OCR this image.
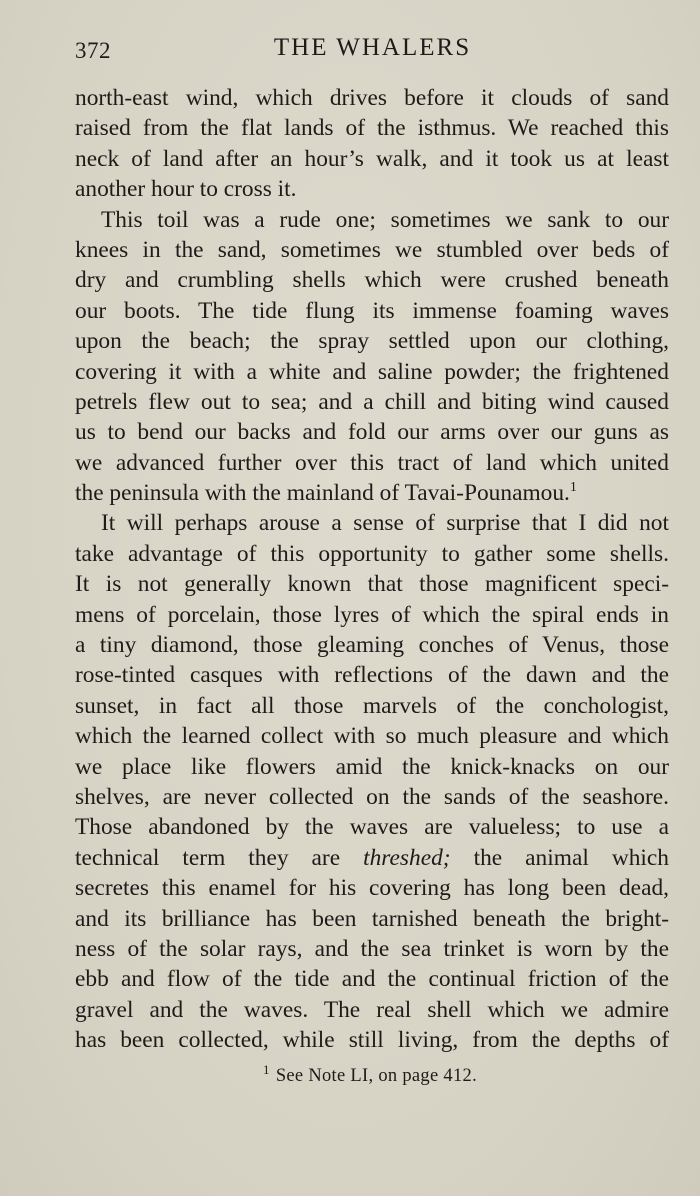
372	THE WHALERS
north-east wind, which drives before it clouds of sand
raised from the flat lands of the isthmus. We reached this
neck of land after an hour’s walk, and it took us at least
another hour to cross it.
This toil was a rude one; sometimes we sank to our
knees in the sand, sometimes we stumbled over beds of
dry and crumbling shells which were crushed beneath
our boots. The tide flung its immense foaming waves
upon the beach; the spray settled upon our clothing,
covering it with a white and saline powder; the frightened
petrels flew out to sea; and a chill and biting wind caused
us to bend our backs and fold our arms over our guns as
we advanced further over this tract of land which united
the peninsula with the mainland of Tavai-Pounamou.$^1$
It will perhaps arouse a sense of surprise that I did not
take advantage of this opportunity to gather some shells.
It is not generally known that those magnificent speci-
mens of porcelain, those lyres of which the spiral ends in
a tiny diamond, those gleaming conches of Venus, those
rose-tinted casques with reflections of the dawn and the
sunset, in fact all those marvels of the conchologist,
which the learned collect with so much pleasure and which
we place like flowers amid the knick-knacks on our
shelves, are never collected on the sands of the seashore.
Those abandoned by the waves are valueless; to use a
technical term they are threshed; the animal which
secretes this enamel for his covering has long been dead,
and its brilliance has been tarnished beneath the bright-
ness of the solar rays, and the sea trinket is worn by the
ebb and flow of the tide and the continual friction of the
gravel and the waves. The real shell which we admire
has been collected, while still living, from the depths of
$^1$ See Note LI, on page 412.
